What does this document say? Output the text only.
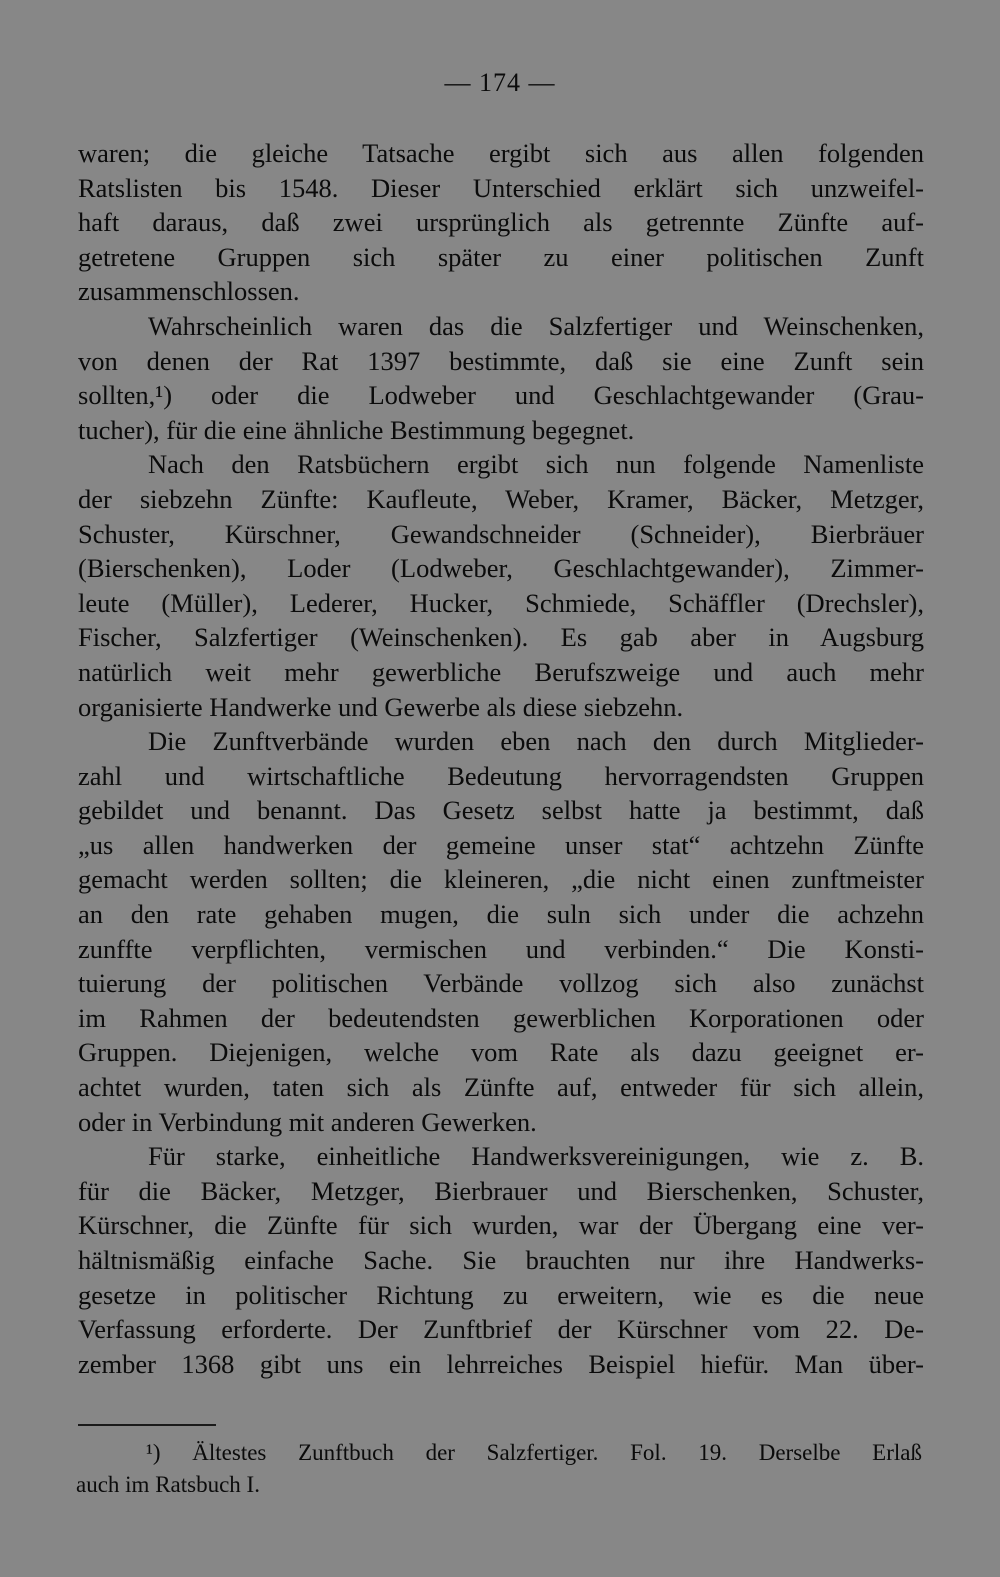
— 174 —
waren; die gleiche Tatsache ergibt sich aus allen folgenden
Ratslisten bis 1548. Dieser Unterschied erklärt sich unzweifel-
haft daraus, daß zwei ursprünglich als getrennte Zünfte auf-
getretene Gruppen sich später zu einer politischen Zunft
zusammenschlossen.
Wahrscheinlich waren das die Salzfertiger und Weinschenken,
von denen der Rat 1397 bestimmte, daß sie eine Zunft sein
sollten,¹) oder die Lodweber und Geschlachtgewander (Grau-
tucher), für die eine ähnliche Bestimmung begegnet.
Nach den Ratsbüchern ergibt sich nun folgende Namenliste
der siebzehn Zünfte: Kaufleute, Weber, Kramer, Bäcker, Metzger,
Schuster, Kürschner, Gewandschneider (Schneider), Bierbräuer
(Bierschenken), Loder (Lodweber, Geschlachtgewander), Zimmer-
leute (Müller), Lederer, Hucker, Schmiede, Schäffler (Drechsler),
Fischer, Salzfertiger (Weinschenken). Es gab aber in Augsburg
natürlich weit mehr gewerbliche Berufszweige und auch mehr
organisierte Handwerke und Gewerbe als diese siebzehn.
Die Zunftverbände wurden eben nach den durch Mitglieder-
zahl und wirtschaftliche Bedeutung hervorragendsten Gruppen
gebildet und benannt. Das Gesetz selbst hatte ja bestimmt, daß
„us allen handwerken der gemeine unser stat“ achtzehn Zünfte
gemacht werden sollten; die kleineren, „die nicht einen zunftmeister
an den rate gehaben mugen, die suln sich under die achzehn
zunffte verpflichten, vermischen und verbinden.“ Die Konsti-
tuierung der politischen Verbände vollzog sich also zunächst
im Rahmen der bedeutendsten gewerblichen Korporationen oder
Gruppen. Diejenigen, welche vom Rate als dazu geeignet er-
achtet wurden, taten sich als Zünfte auf, entweder für sich allein,
oder in Verbindung mit anderen Gewerken.
Für starke, einheitliche Handwerksvereinigungen, wie z. B.
für die Bäcker, Metzger, Bierbrauer und Bierschenken, Schuster,
Kürschner, die Zünfte für sich wurden, war der Übergang eine ver-
hältnismäßig einfache Sache. Sie brauchten nur ihre Handwerks-
gesetze in politischer Richtung zu erweitern, wie es die neue
Verfassung erforderte. Der Zunftbrief der Kürschner vom 22. De-
zember 1368 gibt uns ein lehrreiches Beispiel hiefür. Man über-
¹) Ältestes Zunftbuch der Salzfertiger. Fol. 19. Derselbe Erlaß
auch im Ratsbuch I.
